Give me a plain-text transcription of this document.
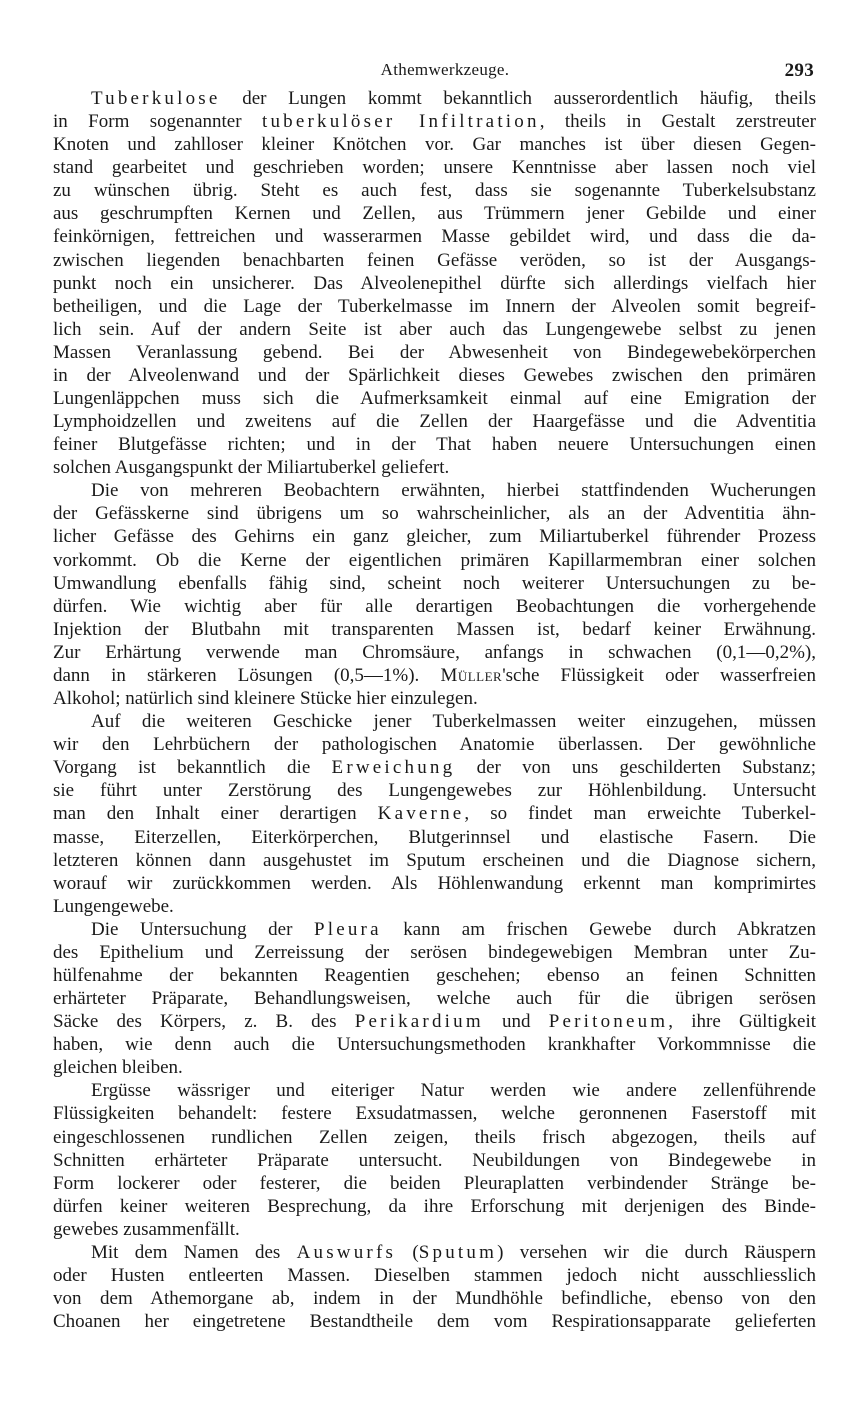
Athemwerkzeuge.	293
Tuberkulose der Lungen kommt bekanntlich ausserordentlich häufig, theils
in Form sogenannter tuberkulöser Infiltration, theils in Gestalt zerstreuter
Knoten und zahlloser kleiner Knötchen vor. Gar manches ist über diesen Gegen-
stand gearbeitet und geschrieben worden; unsere Kenntnisse aber lassen noch viel
zu wünschen übrig. Steht es auch fest, dass sie sogenannte Tuberkelsubstanz
aus geschrumpften Kernen und Zellen, aus Trümmern jener Gebilde und einer
feinkörnigen, fettreichen und wasserarmen Masse gebildet wird, und dass die da-
zwischen liegenden benachbarten feinen Gefässe veröden, so ist der Ausgangs-
punkt noch ein unsicherer. Das Alveolenepithel dürfte sich allerdings vielfach hier
betheiligen, und die Lage der Tuberkelmasse im Innern der Alveolen somit begreif-
lich sein. Auf der andern Seite ist aber auch das Lungengewebe selbst zu jenen
Massen Veranlassung gebend. Bei der Abwesenheit von Bindegewebekörperchen
in der Alveolenwand und der Spärlichkeit dieses Gewebes zwischen den primären
Lungenläppchen muss sich die Aufmerksamkeit einmal auf eine Emigration der
Lymphoidzellen und zweitens auf die Zellen der Haargefässe und die Adventitia
feiner Blutgefässe richten; und in der That haben neuere Untersuchungen einen
solchen Ausgangspunkt der Miliartuberkel geliefert.
Die von mehreren Beobachtern erwähnten, hierbei stattfindenden Wucherungen
der Gefässkerne sind übrigens um so wahrscheinlicher, als an der Adventitia ähn-
licher Gefässe des Gehirns ein ganz gleicher, zum Miliartuberkel führender Prozess
vorkommt. Ob die Kerne der eigentlichen primären Kapillarmembran einer solchen
Umwandlung ebenfalls fähig sind, scheint noch weiterer Untersuchungen zu be-
dürfen. Wie wichtig aber für alle derartigen Beobachtungen die vorhergehende
Injektion der Blutbahn mit transparenten Massen ist, bedarf keiner Erwähnung.
Zur Erhärtung verwende man Chromsäure, anfangs in schwachen (0,1—0,2%),
dann in stärkeren Lösungen (0,5—1%). Müller'sche Flüssigkeit oder wasserfreien
Alkohol; natürlich sind kleinere Stücke hier einzulegen.
Auf die weiteren Geschicke jener Tuberkelmassen weiter einzugehen, müssen
wir den Lehrbüchern der pathologischen Anatomie überlassen. Der gewöhnliche
Vorgang ist bekanntlich die Erweichung der von uns geschilderten Substanz;
sie führt unter Zerstörung des Lungengewebes zur Höhlenbildung. Untersucht
man den Inhalt einer derartigen Kaverne, so findet man erweichte Tuberkel-
masse, Eiterzellen, Eiterkörperchen, Blutgerinnsel und elastische Fasern. Die
letzteren können dann ausgehustet im Sputum erscheinen und die Diagnose sichern,
worauf wir zurückkommen werden. Als Höhlenwandung erkennt man komprimirtes
Lungengewebe.
Die Untersuchung der Pleura kann am frischen Gewebe durch Abkratzen
des Epithelium und Zerreissung der serösen bindegewebigen Membran unter Zu-
hülfenahme der bekannten Reagentien geschehen; ebenso an feinen Schnitten
erhärteter Präparate, Behandlungsweisen, welche auch für die übrigen serösen
Säcke des Körpers, z. B. des Perikardium und Peritoneum, ihre Gültigkeit
haben, wie denn auch die Untersuchungsmethoden krankhafter Vorkommnisse die
gleichen bleiben.
Ergüsse wässriger und eiteriger Natur werden wie andere zellenführende
Flüssigkeiten behandelt: festere Exsudatmassen, welche geronnenen Faserstoff mit
eingeschlossenen rundlichen Zellen zeigen, theils frisch abgezogen, theils auf
Schnitten erhärteter Präparate untersucht. Neubildungen von Bindegewebe in
Form lockerer oder festerer, die beiden Pleuraplatten verbindender Stränge be-
dürfen keiner weiteren Besprechung, da ihre Erforschung mit derjenigen des Binde-
gewebes zusammenfällt.
Mit dem Namen des Auswurfs (Sputum) versehen wir die durch Räuspern
oder Husten entleerten Massen. Dieselben stammen jedoch nicht ausschliesslich
von dem Athemorgane ab, indem in der Mundhöhle befindliche, ebenso von den
Choanen her eingetretene Bestandtheile dem vom Respirationsapparate gelieferten
